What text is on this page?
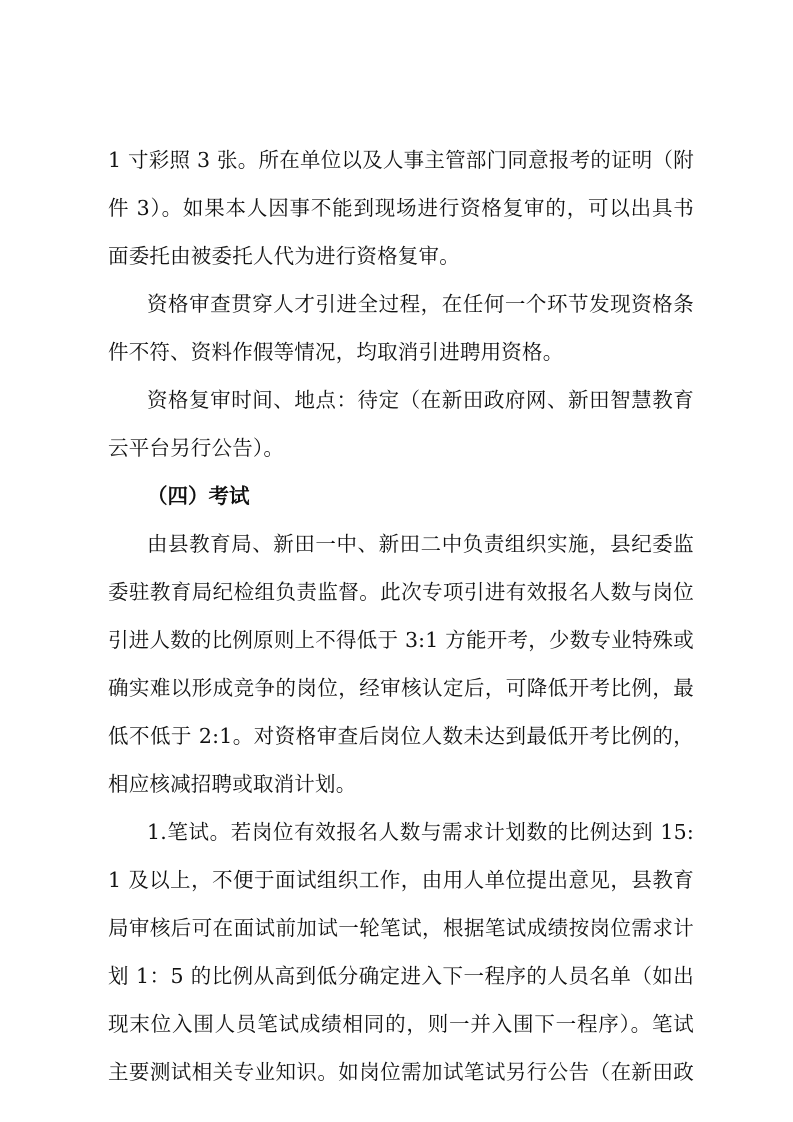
1 寸彩照 3 张。所在单位以及人事主管部门同意报考的证明（附
件 3）。如果本人因事不能到现场进行资格复审的，可以出具书
面委托由被委托人代为进行资格复审。
资格审查贯穿人才引进全过程，在任何一个环节发现资格条
件不符、资料作假等情况，均取消引进聘用资格。
资格复审时间、地点：待定（在新田政府网、新田智慧教育
云平台另行公告）。
（四）考试
由县教育局、新田一中、新田二中负责组织实施，县纪委监
委驻教育局纪检组负责监督。此次专项引进有效报名人数与岗位
引进人数的比例原则上不得低于 3:1 方能开考，少数专业特殊或
确实难以形成竞争的岗位，经审核认定后，可降低开考比例，最
低不低于 2:1。对资格审查后岗位人数未达到最低开考比例的，
相应核减招聘或取消计划。
1.笔试。若岗位有效报名人数与需求计划数的比例达到 15:
1 及以上，不便于面试组织工作，由用人单位提出意见，县教育
局审核后可在面试前加试一轮笔试，根据笔试成绩按岗位需求计
划 1：5 的比例从高到低分确定进入下一程序的人员名单（如出
现末位入围人员笔试成绩相同的，则一并入围下一程序）。笔试
主要测试相关专业知识。如岗位需加试笔试另行公告（在新田政
